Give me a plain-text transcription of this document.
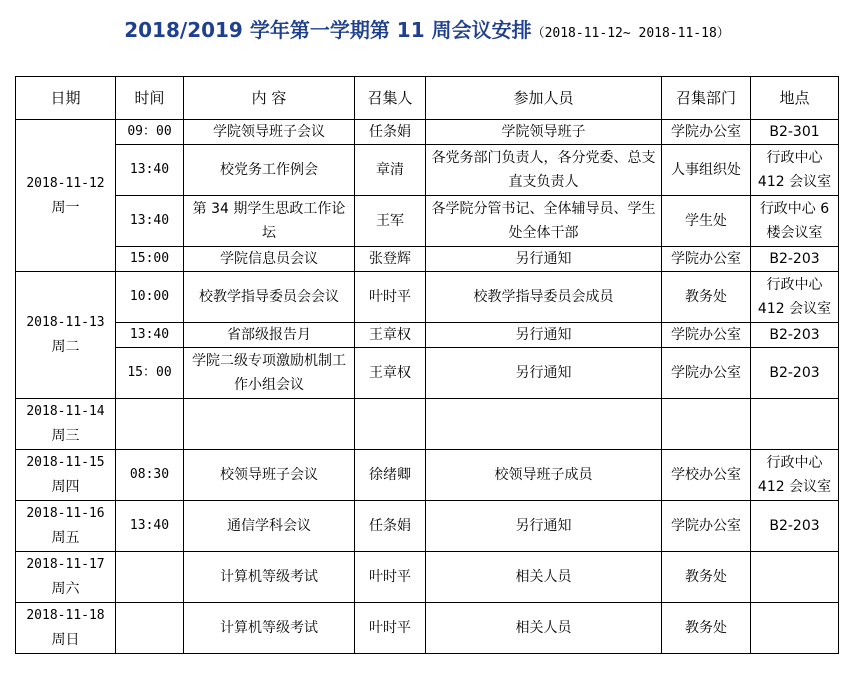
2018/2019 学年第一学期第 11 周会议安排（2018-11-12~ 2018-11-18）
日期	时间	内 容	召集人	参加人员	召集部门	地点

2018-11-12
周一	09：00	学院领导班子会议	任条娟	学院领导班子	学院办公室	B2-301
	13:40	校党务工作例会	章清	各党务部门负责人，各分党委、总支直支负责人	人事组织处	行政中心 412 会议室
	13:40	第 34 期学生思政工作论坛	王军	各学院分管书记、全体辅导员、学生处全体干部	学生处	行政中心 6 楼会议室
	15:00	学院信息员会议	张登辉	另行通知	学院办公室	B2-203

2018-11-13
周二	10:00	校教学指导委员会会议	叶时平	校教学指导委员会成员	教务处	行政中心 412 会议室
	13:40	省部级报告月	王章权	另行通知	学院办公室	B2-203
	15：00	学院二级专项激励机制工作小组会议	王章权	另行通知	学院办公室	B2-203

2018-11-14
周三						

2018-11-15
周四	08:30	校领导班子会议	徐绪卿	校领导班子成员	学校办公室	行政中心 412 会议室

2018-11-16
周五	13:40	通信学科会议	任条娟	另行通知	学院办公室	B2-203

2018-11-17
周六		计算机等级考试	叶时平	相关人员	教务处	

2018-11-18
周日		计算机等级考试	叶时平	相关人员	教务处	
